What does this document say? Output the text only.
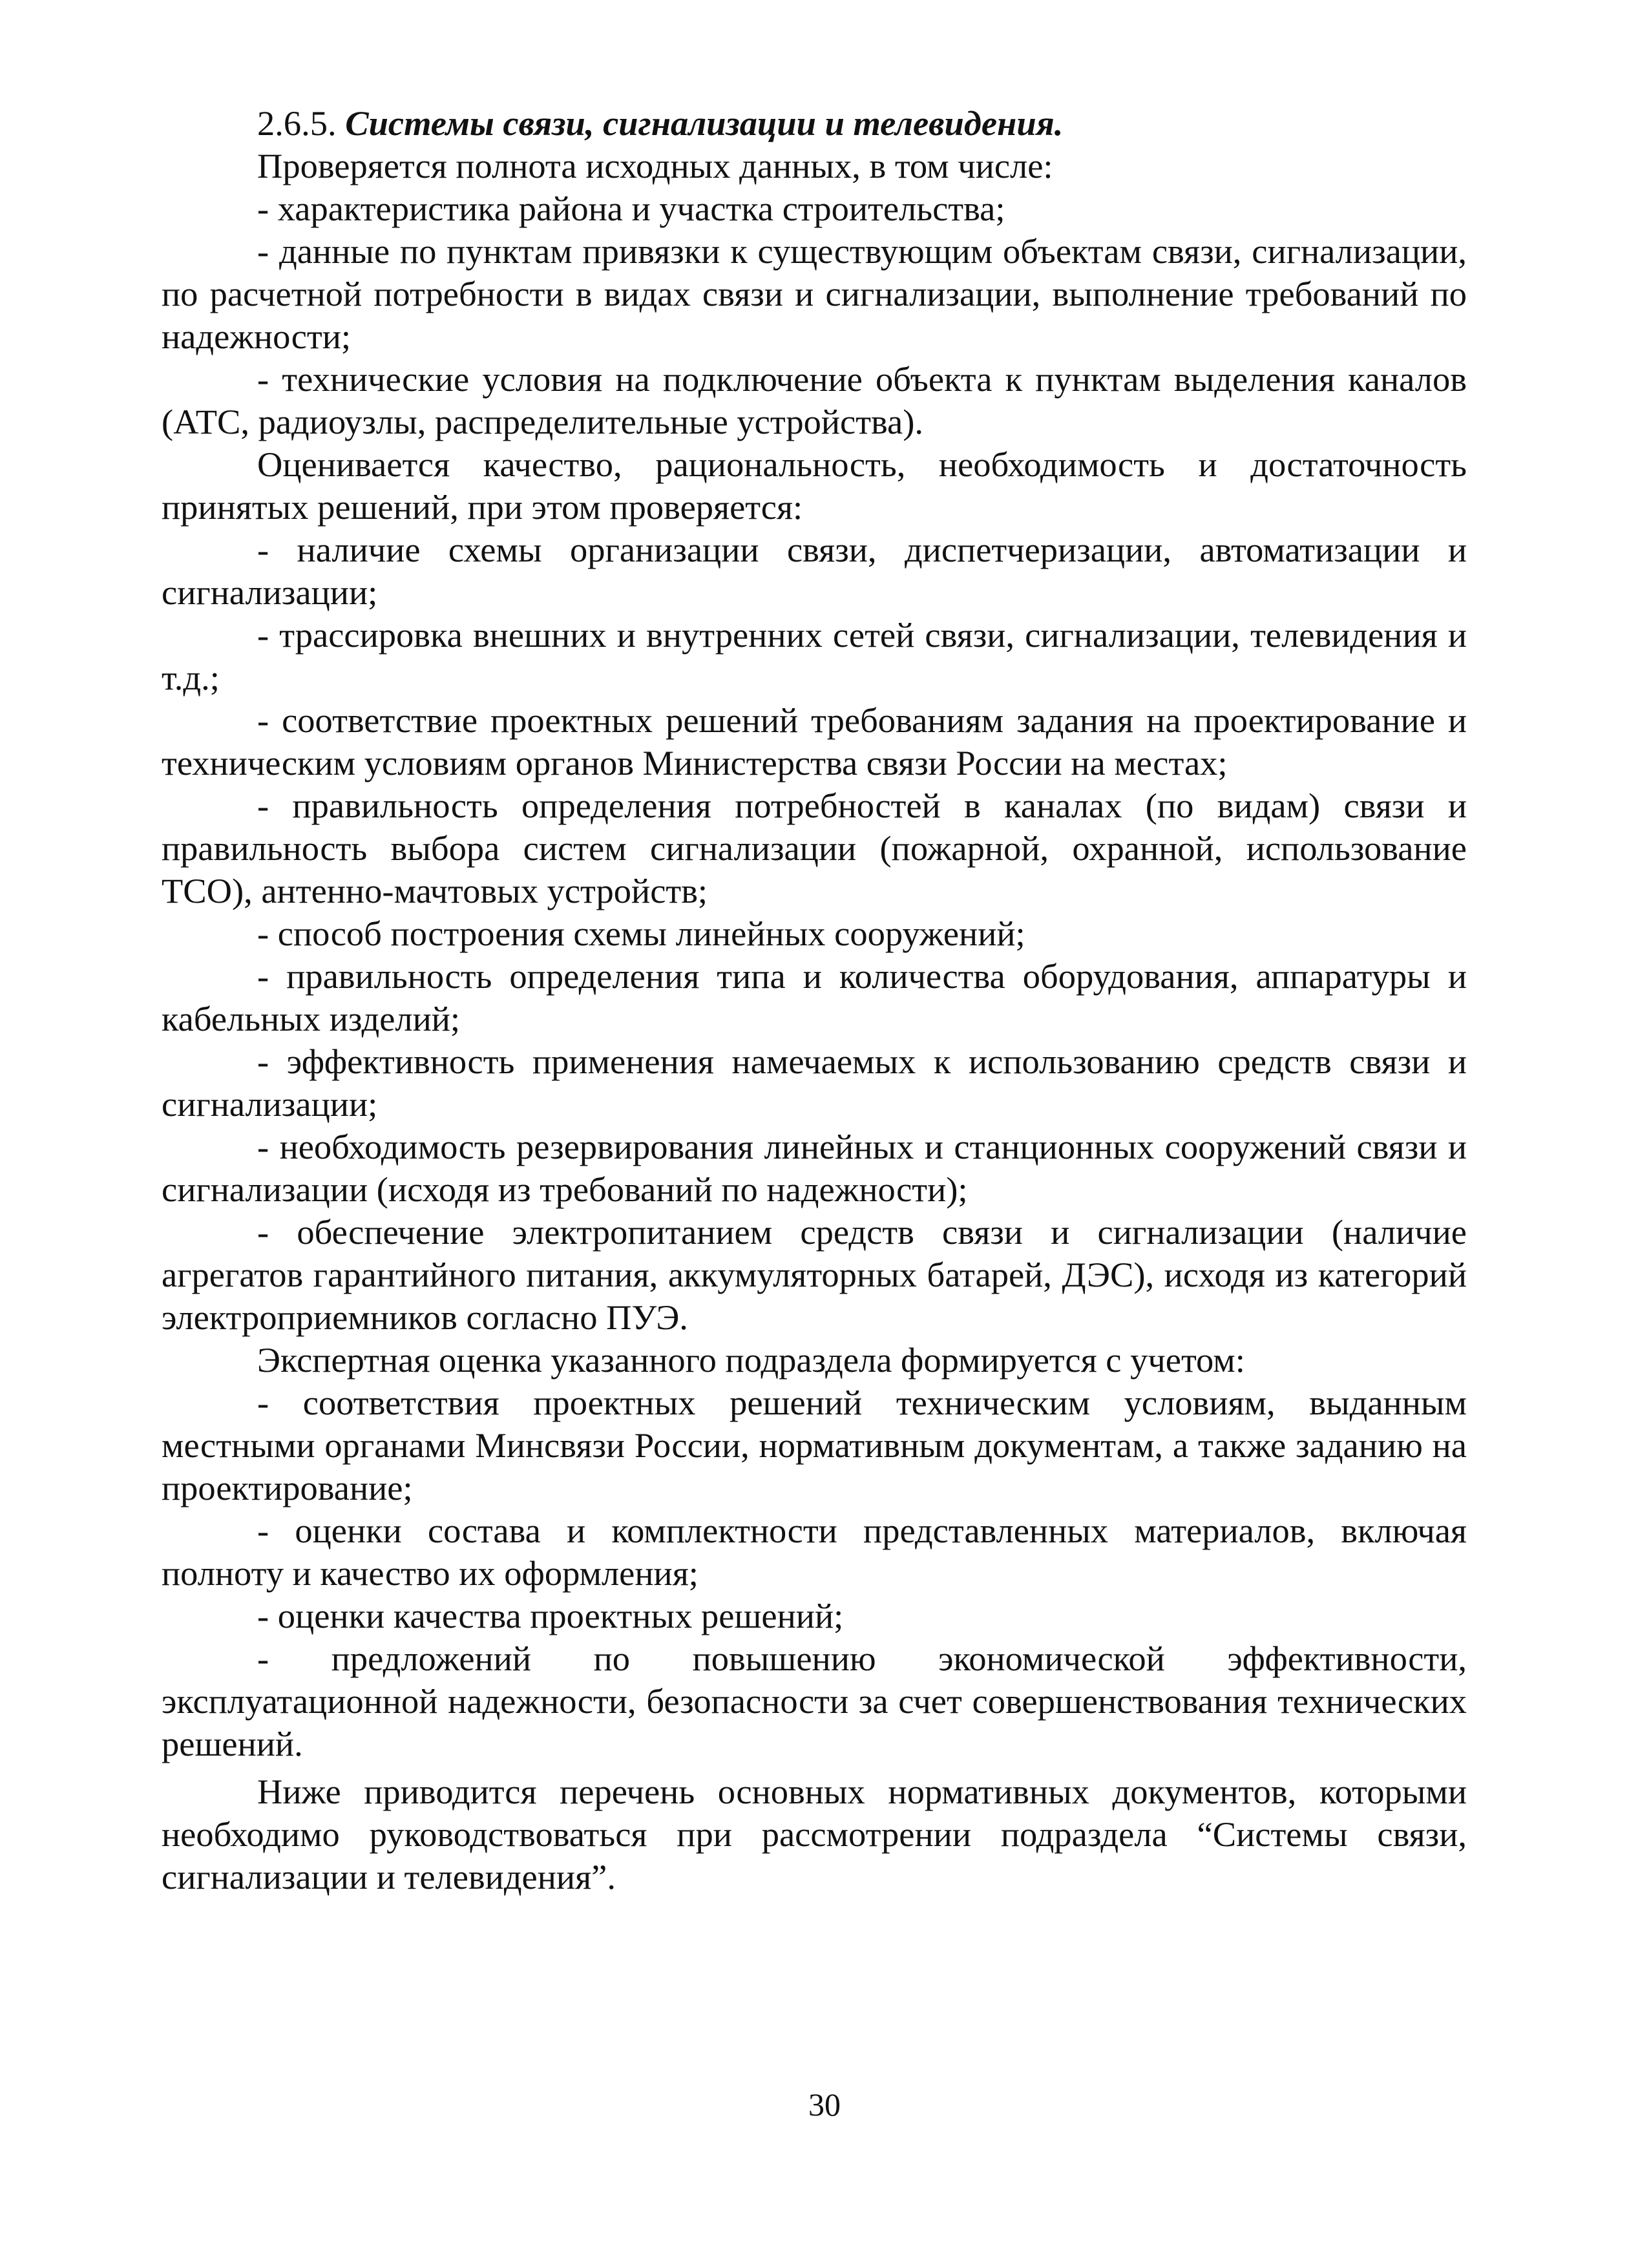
2.6.5. Системы связи, сигнализации и телевидения.

Проверяется полнота исходных данных, в том числе:

- характеристика района и участка строительства;

- данные по пунктам привязки к существующим объектам связи, сигнализации, по расчетной потребности в видах связи и сигнализации, выполнение требований по надежности;

- технические условия на подключение объекта к пунктам выделения каналов (АТС, радиоузлы, распределительные устройства).

Оценивается качество, рациональность, необходимость и достаточность принятых решений, при этом проверяется:

- наличие схемы организации связи, диспетчеризации, автоматизации и сигнализации;

- трассировка внешних и внутренних сетей связи, сигнализации, телевидения и т.д.;

- соответствие проектных решений требованиям задания на проектирование и техническим условиям органов Министерства связи России на местах;

- правильность определения потребностей в каналах (по видам) связи и правильность выбора систем сигнализации (пожарной, охранной, использование ТСО), антенно-мачтовых устройств;

- способ построения схемы линейных сооружений;

- правильность определения типа и количества оборудования, аппаратуры и кабельных изделий;

- эффективность применения намечаемых к использованию средств связи и сигнализации;

- необходимость резервирования линейных и станционных сооружений связи и сигнализации (исходя из требований по надежности);

- обеспечение электропитанием средств связи и сигнализации (наличие агрегатов гарантийного питания, аккумуляторных батарей, ДЭС), исходя из категорий электроприемников согласно ПУЭ.

Экспертная оценка указанного подраздела формируется с учетом:

- соответствия проектных решений техническим условиям, выданным местными органами Минсвязи России, нормативным документам, а также заданию на проектирование;

- оценки состава и комплектности представленных материалов, включая полноту и качество их оформления;

- оценки качества проектных решений;

- предложений по повышению экономической эффективности, эксплуатационной надежности, безопасности за счет совершенствования технических решений.

Ниже приводится перечень основных нормативных документов, которыми необходимо руководствоваться при рассмотрении подраздела “Системы связи, сигнализации и телевидения”.

30
